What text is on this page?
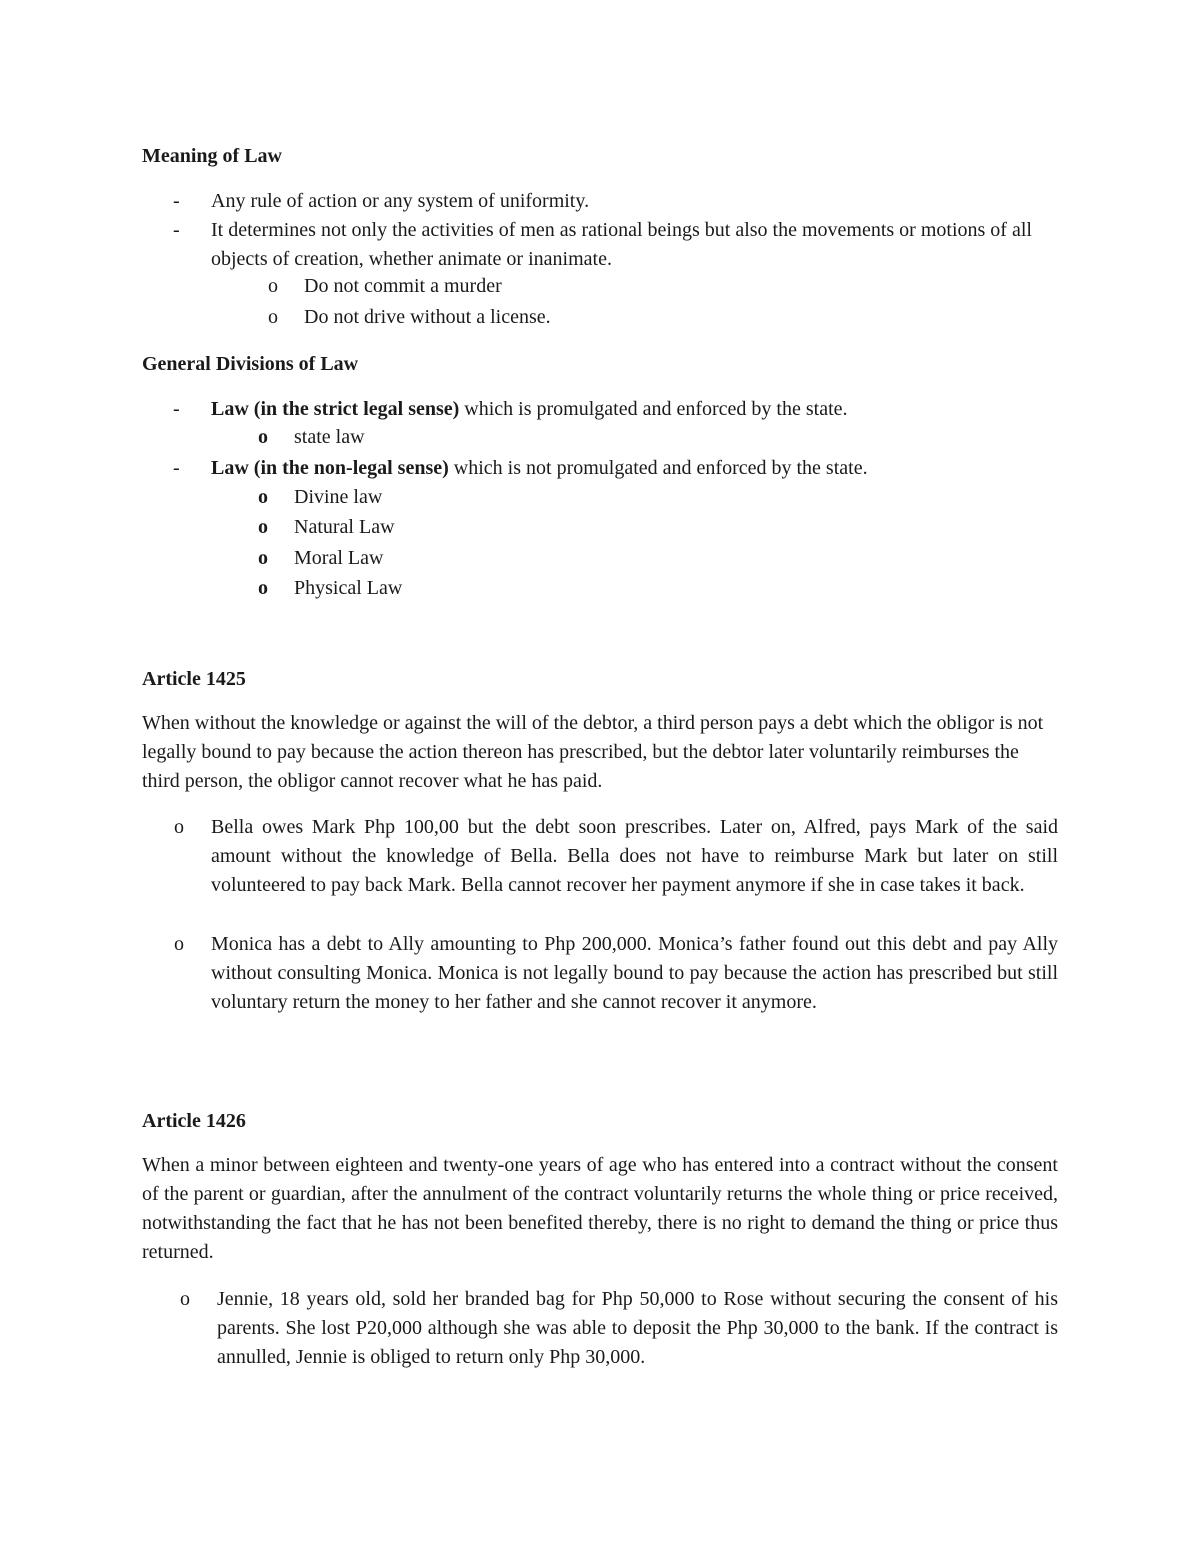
Meaning of Law
- Any rule of action or any system of uniformity.
- It determines not only the activities of men as rational beings but also the movements or motions of all objects of creation, whether animate or inanimate.
o Do not commit a murder
o Do not drive without a license.
General Divisions of Law
- Law (in the strict legal sense) which is promulgated and enforced by the state.
o state law
- Law (in the non-legal sense) which is not promulgated and enforced by the state.
o Divine law
o Natural Law
o Moral Law
o Physical Law
Article 1425
When without the knowledge or against the will of the debtor, a third person pays a debt which the obligor is not legally bound to pay because the action thereon has prescribed, but the debtor later voluntarily reimburses the third person, the obligor cannot recover what he has paid.
o Bella owes Mark Php 100,00 but the debt soon prescribes. Later on, Alfred, pays Mark of the said amount without the knowledge of Bella. Bella does not have to reimburse Mark but later on still volunteered to pay back Mark. Bella cannot recover her payment anymore if she in case takes it back.
o Monica has a debt to Ally amounting to Php 200,000. Monica’s father found out this debt and pay Ally without consulting Monica. Monica is not legally bound to pay because the action has prescribed but still voluntary return the money to her father and she cannot recover it anymore.
Article 1426
When a minor between eighteen and twenty-one years of age who has entered into a contract without the consent of the parent or guardian, after the annulment of the contract voluntarily returns the whole thing or price received, notwithstanding the fact that he has not been benefited thereby, there is no right to demand the thing or price thus returned.
o Jennie, 18 years old, sold her branded bag for Php 50,000 to Rose without securing the consent of his parents. She lost P20,000 although she was able to deposit the Php 30,000 to the bank. If the contract is annulled, Jennie is obliged to return only Php 30,000.
